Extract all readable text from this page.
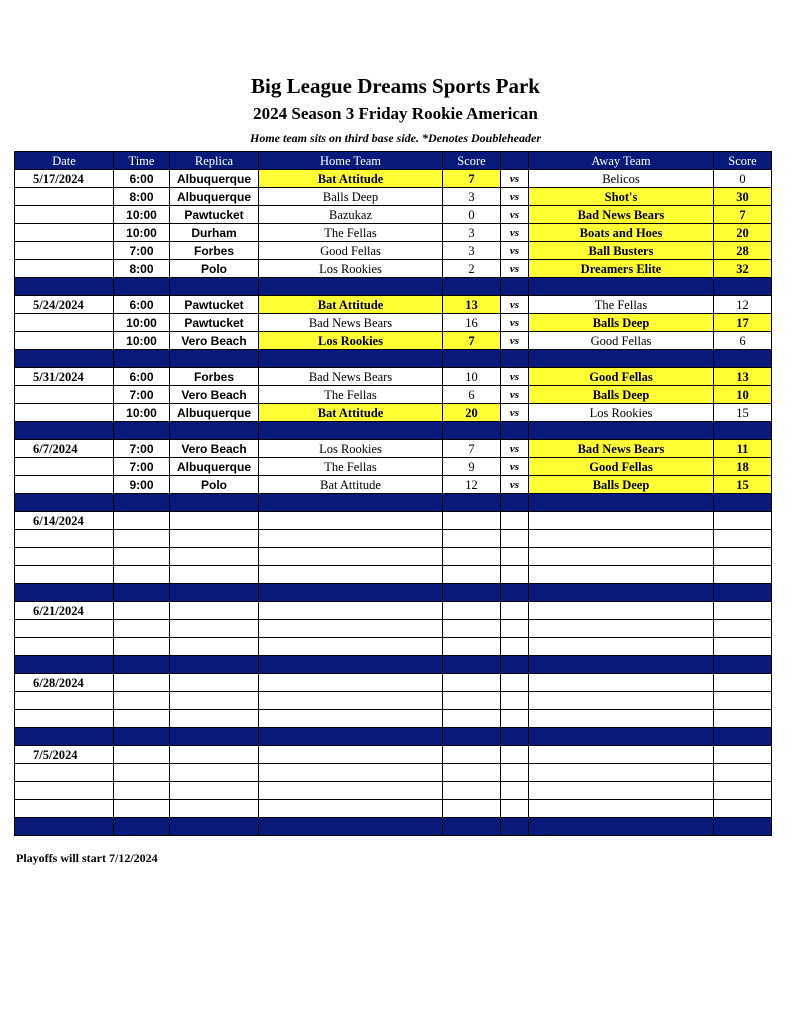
Big League Dreams Sports Park
2024 Season 3 Friday Rookie American
Home team sits on third base side. *Denotes Doubleheader
Date	Time	Replica	Home Team	Score		Away Team	Score
5/17/2024	6:00	Albuquerque	Bat Attitude	7	vs	Belicos	0
	8:00	Albuquerque	Balls Deep	3	vs	Shot's	30
	10:00	Pawtucket	Bazukaz	0	vs	Bad News Bears	7
	10:00	Durham	The Fellas	3	vs	Boats and Hoes	20
	7:00	Forbes	Good Fellas	3	vs	Ball Busters	28
	8:00	Polo	Los Rookies	2	vs	Dreamers Elite	32

5/24/2024	6:00	Pawtucket	Bat Attitude	13	vs	The Fellas	12
	10:00	Pawtucket	Bad News Bears	16	vs	Balls Deep	17
	10:00	Vero Beach	Los Rookies	7	vs	Good Fellas	6

5/31/2024	6:00	Forbes	Bad News Bears	10	vs	Good Fellas	13
	7:00	Vero Beach	The Fellas	6	vs	Balls Deep	10
	10:00	Albuquerque	Bat Attitude	20	vs	Los Rookies	15

6/7/2024	7:00	Vero Beach	Los Rookies	7	vs	Bad News Bears	11
	7:00	Albuquerque	The Fellas	9	vs	Good Fellas	18
	9:00	Polo	Bat Attitude	12	vs	Balls Deep	15

6/14/2024							

6/21/2024							

6/28/2024							

7/5/2024							

Playoffs will start 7/12/2024
